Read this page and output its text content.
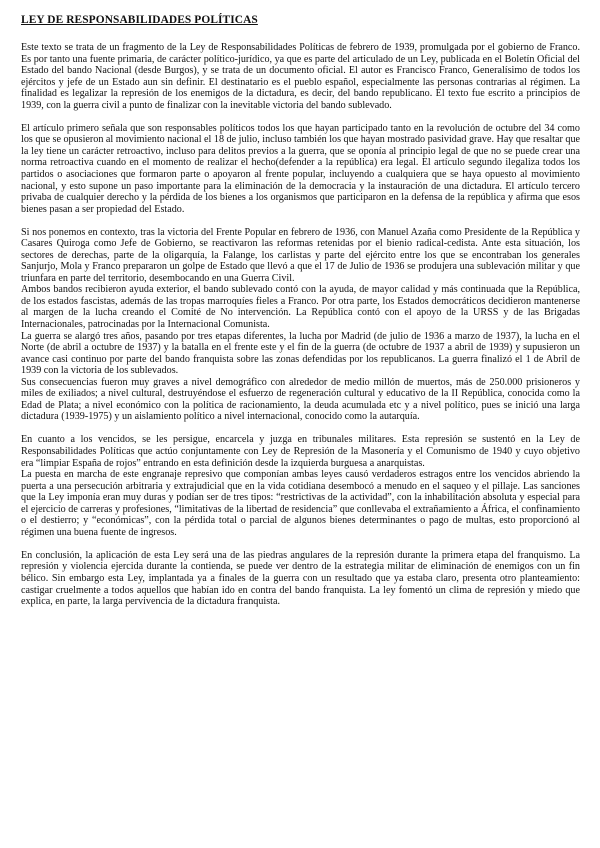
LEY DE RESPONSABILIDADES POLÍTICAS

Este texto se trata de un fragmento de la Ley de Responsabilidades Políticas de febrero de 1939, promulgada por el gobierno de Franco. Es por tanto una fuente primaria, de carácter político-jurídico, ya que es parte del articulado de un Ley, publicada en el Boletín Oficial del Estado del bando Nacional (desde Burgos), y se trata de un documento oficial. El autor es Francisco Franco, Generalísimo de todos los ejércitos y jefe de un Estado aun sin definir. El destinatario es el pueblo español, especialmente las personas contrarias al régimen. La finalidad es legalizar la represión de los enemigos de la dictadura, es decir, del bando republicano. El texto fue escrito a principios de 1939, con la guerra civil a punto de finalizar con la inevitable victoria del bando sublevado.

El artículo primero señala que son responsables políticos todos los que hayan participado tanto en la revolución de octubre del 34 como los que se opusieron al movimiento nacional el 18 de julio, incluso también los que hayan mostrado pasividad grave. Hay que resaltar que la ley tiene un carácter retroactivo, incluso para delitos previos a la guerra, que se oponía al principio legal de que no se puede crear una norma retroactiva cuando en el momento de realizar el hecho(defender a la república) era legal. El artículo segundo ilegaliza todos los partidos o asociaciones que formaron parte o apoyaron al frente popular, incluyendo a cualquiera que se haya opuesto al movimiento nacional, y esto supone un paso importante para la eliminación de la democracia y la instauración de una dictadura. El artículo tercero privaba de cualquier derecho y la pérdida de los bienes a los organismos que participaron en la defensa de la república y afirma que esos bienes pasan a ser propiedad del Estado.

Si nos ponemos en contexto, tras la victoria del Frente Popular en febrero de 1936, con Manuel Azaña como Presidente de la República y Casares Quiroga como Jefe de Gobierno, se reactivaron las reformas retenidas por el bienio radical-cedista. Ante esta situación, los sectores de derechas, parte de la oligarquía, la Falange, los carlistas y parte del ejército entre los que se encontraban los generales Sanjurjo, Mola y Franco prepararon un golpe de Estado que llevó a que el 17 de Julio de 1936 se produjera una sublevación militar y que triunfara en parte del territorio, desembocando en una Guerra Civil.

Ambos bandos recibieron ayuda exterior, el bando sublevado contó con la ayuda, de mayor calidad y más continuada que la República, de los estados fascistas, además de las tropas marroquíes fieles a Franco. Por otra parte, los Estados democráticos decidieron mantenerse al margen de la lucha creando el Comité de No intervención. La República contó con el apoyo de la URSS y de las Brigadas Internacionales, patrocinadas por la Internacional Comunista.

La guerra se alargó tres años, pasando por tres etapas diferentes, la lucha por Madrid (de julio de 1936 a marzo de 1937), la lucha en el Norte (de abril a octubre de 1937) y la batalla en el frente este y el fin de la guerra (de octubre de 1937 a abril de 1939) y supusieron un avance casi continuo por parte del bando franquista sobre las zonas defendidas por los republicanos. La guerra finalizó el 1 de Abril de 1939 con la victoria de los sublevados.

Sus consecuencias fueron muy graves a nivel demográfico con alrededor de medio millón de muertos, más de 250.000 prisioneros y miles de exiliados; a nivel cultural, destruyéndose el esfuerzo de regeneración cultural y educativo de la II República, conocida como la Edad de Plata; a nivel económico con la política de racionamiento, la deuda acumulada etc y a nivel político, pues se inició una larga dictadura (1939-1975) y un aislamiento político a nivel internacional, conocido como la autarquía.

En cuanto a los vencidos, se les persigue, encarcela y juzga en tribunales militares. Esta represión se sustentó en la Ley de Responsabilidades Políticas que actúo conjuntamente con Ley de Represión de la Masonería y el Comunismo de 1940 y cuyo objetivo era “limpiar España de rojos” entrando en esta definición desde la izquierda burguesa a anarquistas.

La puesta en marcha de este engranaje represivo que componían ambas leyes causó verdaderos estragos entre los vencidos abriendo la puerta a una persecución arbitraria y extrajudicial que en la vida cotidiana desembocó a menudo en el saqueo y el pillaje. Las sanciones que la Ley imponía eran muy duras y podían ser de tres tipos: “restrictivas de la actividad”, con la inhabilitación absoluta y especial para el ejercicio de carreras y profesiones, “limitativas de la libertad de residencia” que conllevaba el extrañamiento a África, el confinamiento o el destierro; y “económicas”, con la pérdida total o parcial de algunos bienes determinantes o pago de multas, esto proporcionó al régimen una buena fuente de ingresos.

En conclusión, la aplicación de esta Ley será una de las piedras angulares de la represión durante la primera etapa del franquismo. La represión y violencia ejercida durante la contienda, se puede ver dentro de la estrategia militar de eliminación de enemigos con un fin bélico. Sin embargo esta Ley, implantada ya a finales de la guerra con un resultado que ya estaba claro, presenta otro planteamiento: castigar cruelmente a todos aquellos que habían ido en contra del bando franquista. La ley fomentó un clima de represión y miedo que explica, en parte, la larga pervivencia de la dictadura franquista.
